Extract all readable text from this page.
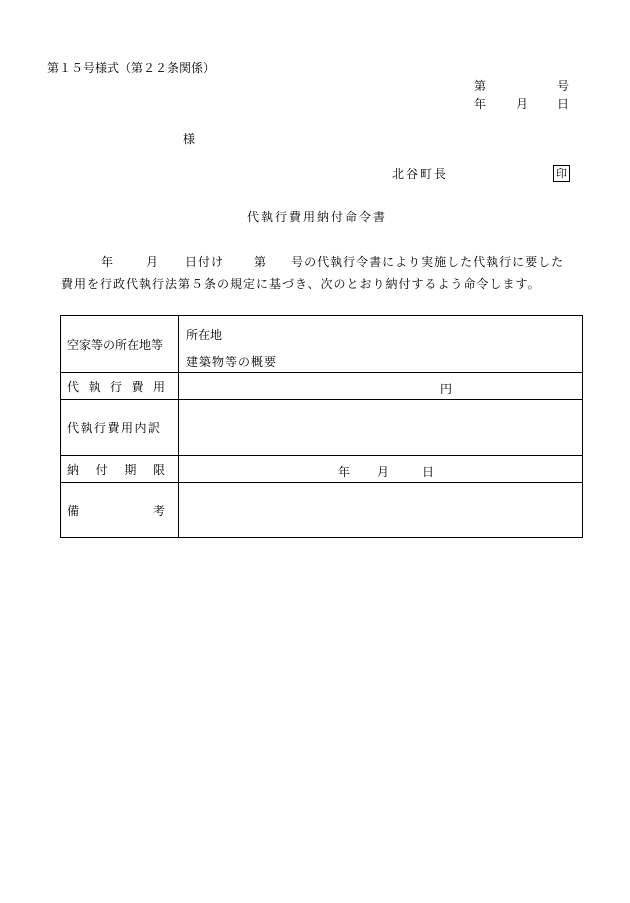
第１５号様式（第２２条関係）
第	号
年 月 日
様
北谷町長	印
代執行費用納付命令書
年	月 日付け	第 号の代執行令書により実施した代執行に要した
費用を行政代執行法第５条の規定に基づき、次のとおり納付するよう命令します。
空家等の所在地等	所在地
建築物等の概要

代 執 行 費 用	円

代執行費用内訳	

納 付 期 限	年 月 日

備 考	
